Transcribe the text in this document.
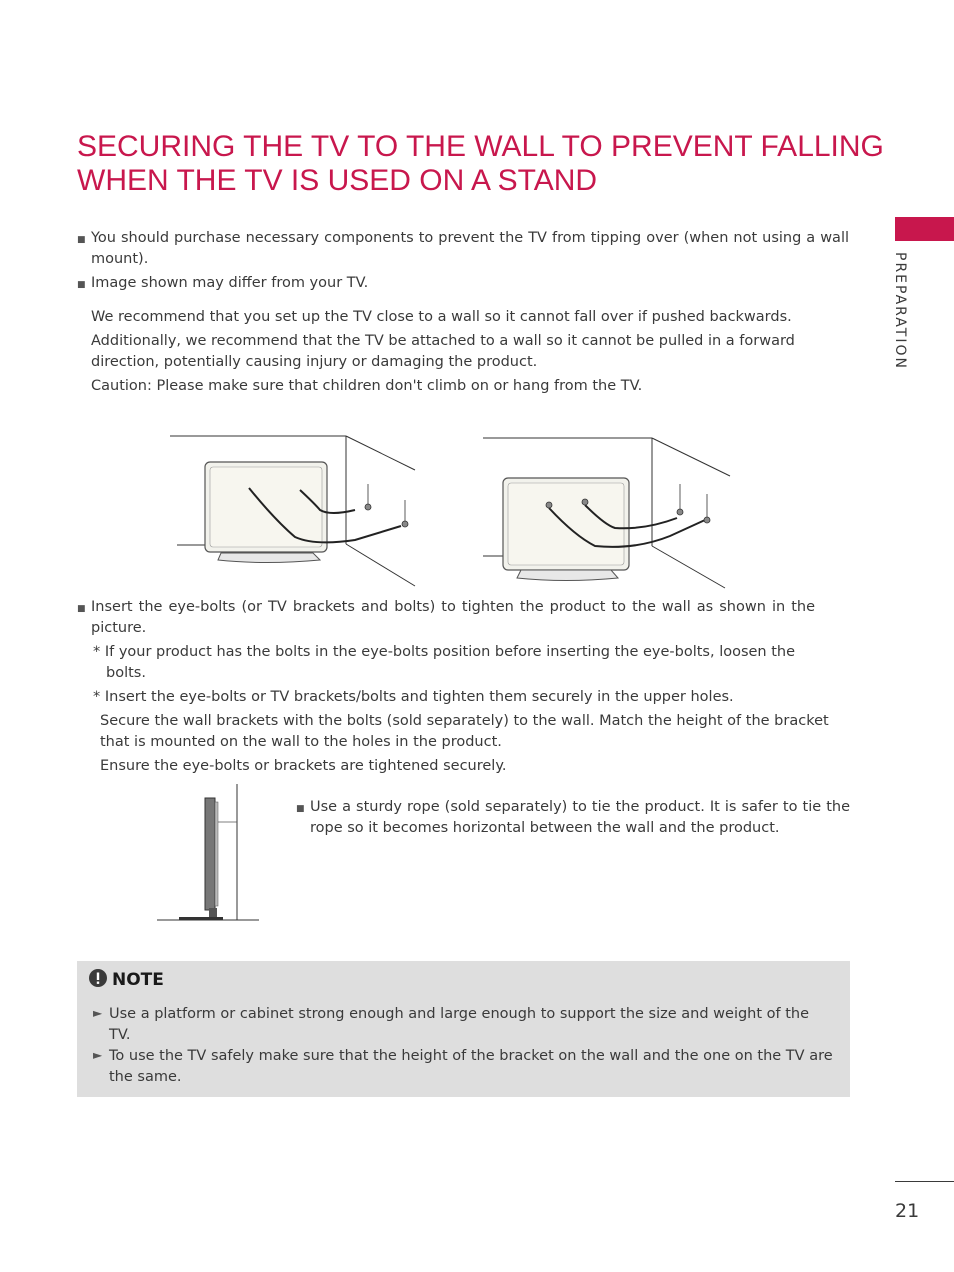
SECURING THE TV TO THE WALL TO PREVENT FALLING
WHEN THE TV IS USED ON A STAND
PREPARATION
■ You should purchase necessary components to prevent the TV from tipping over (when not using a wall mount).
■ Image shown may differ from your TV.
We recommend that you set up the TV close to a wall so it cannot fall over if pushed backwards.
Additionally, we recommend that the TV be attached to a wall so it cannot be pulled in a forward direction, potentially causing injury or damaging the product.
Caution: Please make sure that children don't climb on or hang from the TV.
■ Insert the eye-bolts (or TV brackets and bolts) to tighten the product to the wall as shown in the picture.
* If your product has the bolts in the eye-bolts position before inserting the eye-bolts, loosen the bolts.
* Insert the eye-bolts or TV brackets/bolts and tighten them securely in the upper holes.
Secure the wall brackets with the bolts (sold separately) to the wall. Match the height of the bracket that is mounted on the wall to the holes in the product.
Ensure the eye-bolts or brackets are tightened securely.
■ Use a sturdy rope (sold separately) to tie the product. It is safer to tie the rope so it becomes horizontal between the wall and the product.
NOTE
► Use a platform or cabinet strong enough and large enough to support the size and weight of the TV.
► To use the TV safely make sure that the height of the bracket on the wall and the one on the TV are the same.
21
